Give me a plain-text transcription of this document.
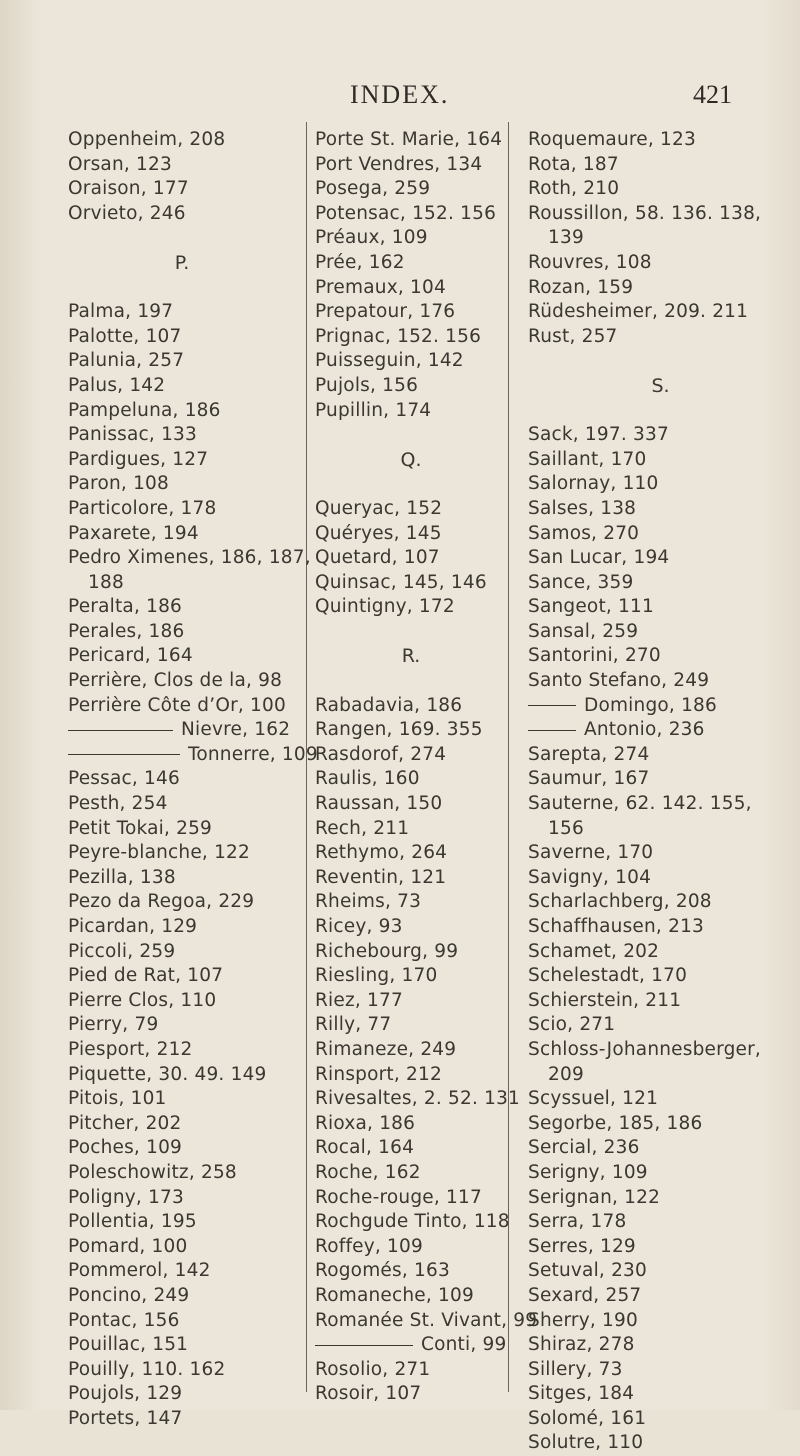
INDEX.	421
Oppenheim, 208
Orsan, 123
Oraison, 177
Orvieto, 246
P.
Palma, 197
Palotte, 107
Palunia, 257
Palus, 142
Pampeluna, 186
Panissac, 133
Pardigues, 127
Paron, 108
Particolore, 178
Paxarete, 194
Pedro Ximenes, 186, 187,
188
Peralta, 186
Perales, 186
Pericard, 164
Perrière, Clos de la, 98
Perrière Côte d’Or, 100
Nievre, 162
Tonnerre, 109
Pessac, 146
Pesth, 254
Petit Tokai, 259
Peyre-blanche, 122
Pezilla, 138
Pezo da Regoa, 229
Picardan, 129
Piccoli, 259
Pied de Rat, 107
Pierre Clos, 110
Pierry, 79
Piesport, 212
Piquette, 30. 49. 149
Pitois, 101
Pitcher, 202
Poches, 109
Poleschowitz, 258
Poligny, 173
Pollentia, 195
Pomard, 100
Pommerol, 142
Poncino, 249
Pontac, 156
Pouillac, 151
Pouilly, 110. 162
Poujols, 129
Portets, 147
Porte St. Marie, 164
Port Vendres, 134
Posega, 259
Potensac, 152. 156
Préaux, 109
Prée, 162
Premaux, 104
Prepatour, 176
Prignac, 152. 156
Puisseguin, 142
Pujols, 156
Pupillin, 174
Q.
Queryac, 152
Quéryes, 145
Quetard, 107
Quinsac, 145, 146
Quintigny, 172
R.
Rabadavia, 186
Rangen, 169. 355
Rasdorof, 274
Raulis, 160
Raussan, 150
Rech, 211
Rethymo, 264
Reventin, 121
Rheims, 73
Ricey, 93
Richebourg, 99
Riesling, 170
Riez, 177
Rilly, 77
Rimaneze, 249
Rinsport, 212
Rivesaltes, 2. 52. 131
Rioxa, 186
Rocal, 164
Roche, 162
Roche-rouge, 117
Rochgude Tinto, 118
Roffey, 109
Rogomés, 163
Romaneche, 109
Romanée St. Vivant, 99
Conti, 99
Rosolio, 271
Rosoir, 107
Roquemaure, 123
Rota, 187
Roth, 210
Roussillon, 58. 136. 138,
139
Rouvres, 108
Rozan, 159
Rüdesheimer, 209. 211
Rust, 257
S.
Sack, 197. 337
Saillant, 170
Salornay, 110
Salses, 138
Samos, 270
San Lucar, 194
Sance, 359
Sangeot, 111
Sansal, 259
Santorini, 270
Santo Stefano, 249
Domingo, 186
Antonio, 236
Sarepta, 274
Saumur, 167
Sauterne, 62. 142. 155,
156
Saverne, 170
Savigny, 104
Scharlachberg, 208
Schaffhausen, 213
Schamet, 202
Schelestadt, 170
Schierstein, 211
Scio, 271
Schloss-Johannesberger,
209
Scyssuel, 121
Segorbe, 185, 186
Sercial, 236
Serigny, 109
Serignan, 122
Serra, 178
Serres, 129
Setuval, 230
Sexard, 257
Sherry, 190
Shiraz, 278
Sillery, 73
Sitges, 184
Solomé, 161
Solutre, 110
